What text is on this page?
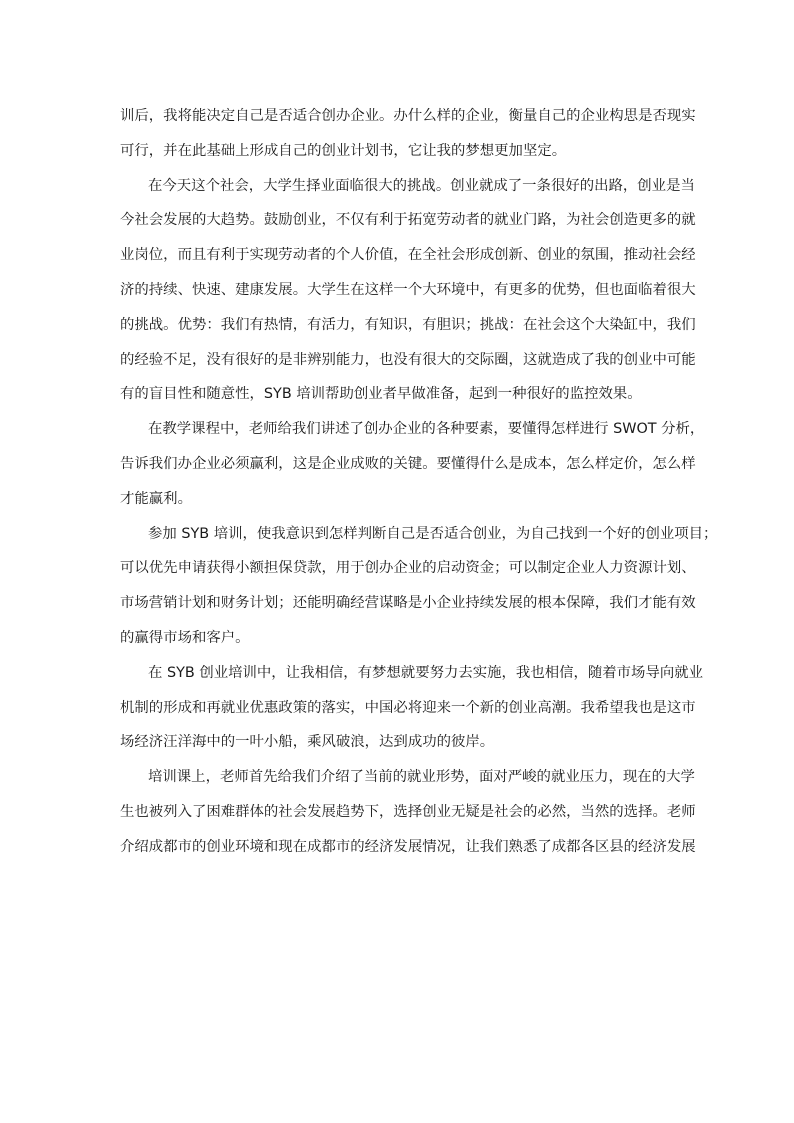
训后，我将能决定自己是否适合创办企业。办什么样的企业，衡量自己的企业构思是否现实
可行，并在此基础上形成自己的创业计划书，它让我的梦想更加坚定。
在今天这个社会，大学生择业面临很大的挑战。创业就成了一条很好的出路，创业是当
今社会发展的大趋势。鼓励创业，不仅有利于拓宽劳动者的就业门路，为社会创造更多的就
业岗位，而且有利于实现劳动者的个人价值，在全社会形成创新、创业的氛围，推动社会经
济的持续、快速、建康发展。大学生在这样一个大环境中，有更多的优势，但也面临着很大
的挑战。优势：我们有热情，有活力，有知识，有胆识；挑战：在社会这个大染缸中，我们
的经验不足，没有很好的是非辨别能力，也没有很大的交际圈，这就造成了我的创业中可能
有的盲目性和随意性，SYB 培训帮助创业者早做准备，起到一种很好的监控效果。
在教学课程中，老师给我们讲述了创办企业的各种要素，要懂得怎样进行 SWOT 分析，
告诉我们办企业必须赢利，这是企业成败的关键。要懂得什么是成本，怎么样定价，怎么样
才能赢利。
参加 SYB 培训，使我意识到怎样判断自己是否适合创业，为自己找到一个好的创业项目；
可以优先申请获得小额担保贷款，用于创办企业的启动资金；可以制定企业人力资源计划、
市场营销计划和财务计划；还能明确经营谋略是小企业持续发展的根本保障，我们才能有效
的赢得市场和客户。
在 SYB 创业培训中，让我相信，有梦想就要努力去实施，我也相信，随着市场导向就业
机制的形成和再就业优惠政策的落实，中国必将迎来一个新的创业高潮。我希望我也是这市
场经济汪洋海中的一叶小船，乘风破浪，达到成功的彼岸。
培训课上，老师首先给我们介绍了当前的就业形势，面对严峻的就业压力，现在的大学
生也被列入了困难群体的社会发展趋势下，选择创业无疑是社会的必然，当然的选择。老师
介绍成都市的创业环境和现在成都市的经济发展情况，让我们熟悉了成都各区县的经济发展
